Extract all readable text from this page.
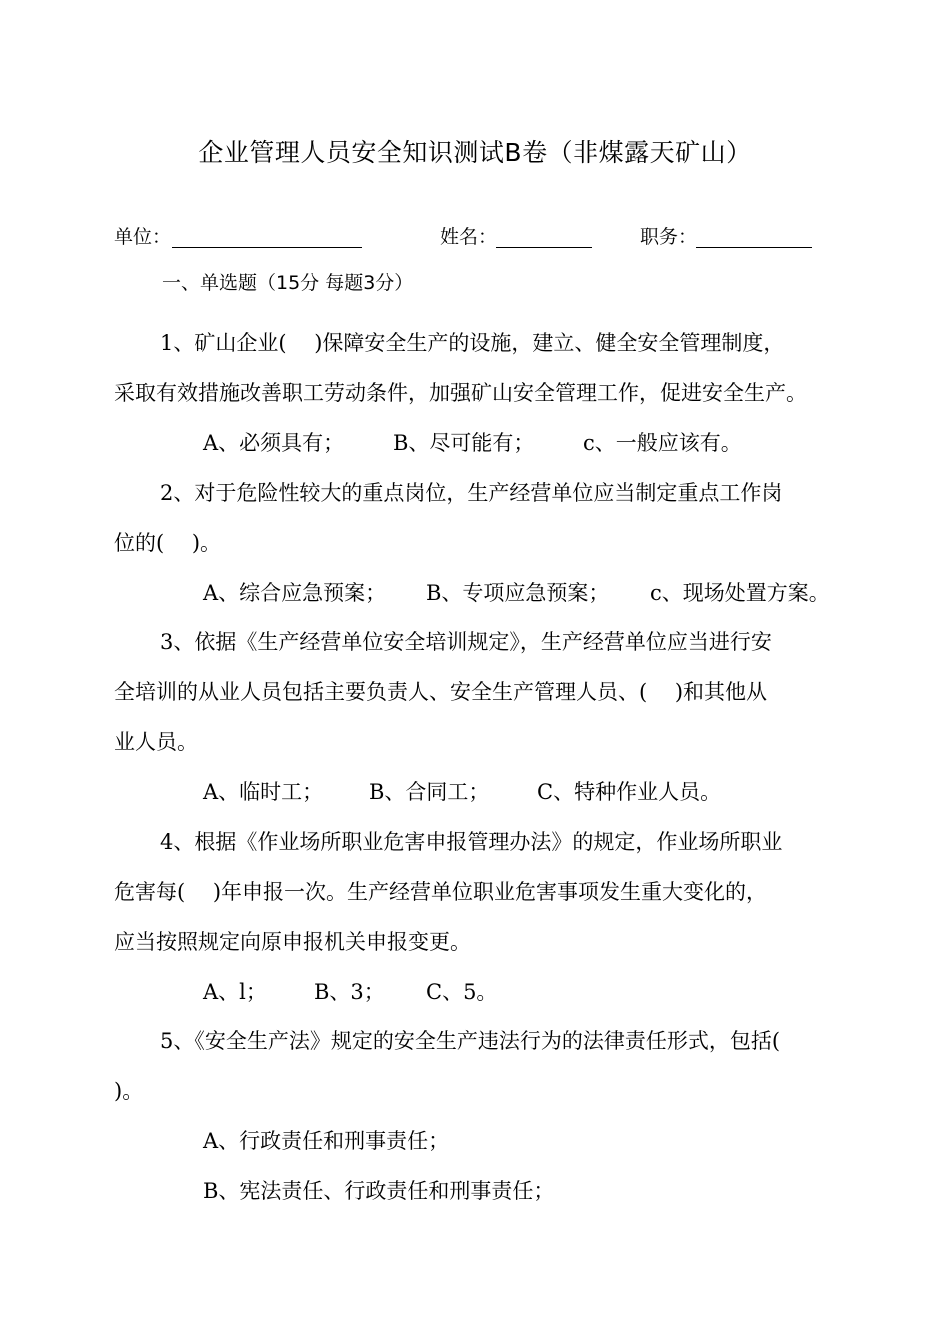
企业管理人员安全知识测试B卷（非煤露天矿山）
单位：	姓名：	职务：
一、单选题（15分 每题3分）
1、矿山企业(　 )保障安全生产的设施，建立、健全安全管理制度，
采取有效措施改善职工劳动条件，加强矿山安全管理工作，促进安全生产。
A、必须具有； B、尽可能有； c、一般应该有。
2、对于危险性较大的重点岗位，生产经营单位应当制定重点工作岗
位的(　 )。
A、综合应急预案； B、专项应急预案； c、现场处置方案。
3、依据《生产经营单位安全培训规定》，生产经营单位应当进行安
全培训的从业人员包括主要负责人、安全生产管理人员、(　 )和其他从
业人员。
A、临时工； B、合同工； C、特种作业人员。
4、根据《作业场所职业危害申报管理办法》的规定，作业场所职业
危害每(　 )年申报一次。生产经营单位职业危害事项发生重大变化的，
应当按照规定向原申报机关申报变更。
A、l； B、3； C、5。
5、《安全生产法》规定的安全生产违法行为的法律责任形式，包括(
)。
A、行政责任和刑事责任；
B、宪法责任、行政责任和刑事责任；
